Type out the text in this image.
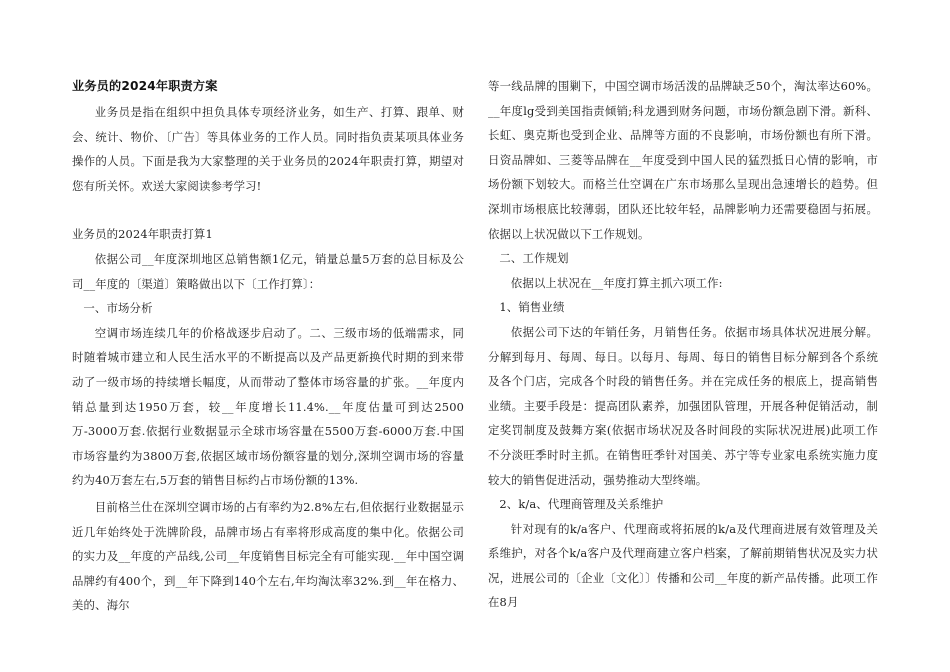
业务员的2024年职责方案

业务员是指在组织中担负具体专项经济业务，如生产、打算、跟单、财会、统计、物价、〔广告〕等具体业务的工作人员。同时指负责某项具体业务操作的人员。下面是我为大家整理的关于业务员的2024年职责打算，期望对您有所关怀。欢送大家阅读参考学习!

业务员的2024年职责打算1

依据公司__年度深圳地区总销售额1亿元，销量总量5万套的总目标及公司__年度的〔渠道〕策略做出以下〔工作打算〕：

一、市场分析

空调市场连续几年的价格战逐步启动了。二、三级市场的低端需求，同时随着城市建立和人民生活水平的不断提高以及产品更新换代时期的到来带动了一级市场的持续增长幅度，从而带动了整体市场容量的扩张。__年度内销总量到达1950万套，较__年度增长11.4%.__年度估量可到达2500万-3000万套.依据行业数据显示全球市场容量在5500万套-6000万套.中国市场容量约为3800万套,依据区域市场份额容量的划分,深圳空调市场的容量约为40万套左右,5万套的销售目标约占市场份额的13%.

目前格兰仕在深圳空调市场的占有率约为2.8%左右,但依据行业数据显示近几年始终处于洗牌阶段，品牌市场占有率将形成高度的集中化。依据公司的实力及__年度的产品线,公司__年度销售目标完全有可能实现.__年中国空调品牌约有400个，到__年下降到140个左右,年均淘汰率32%.到__年在格力、美的、海尔

等一线品牌的围剿下，中国空调市场活泼的品牌缺乏50个，淘汰率达60%。__年度lg受到美国指责倾销;科龙遇到财务问题，市场份额急剧下滑。新科、长虹、奥克斯也受到企业、品牌等方面的不良影响，市场份额也有所下滑。日资品牌如、三菱等品牌在__年度受到中国人民的猛烈抵日心情的影响，市场份额下划较大。而格兰仕空调在广东市场那么呈现出急速增长的趋势。但深圳市场根底比较薄弱，团队还比较年轻，品牌影响力还需要稳固与拓展。依据以上状况做以下工作规划。

二、工作规划

依据以上状况在__年度打算主抓六项工作:

1、销售业绩

依据公司下达的年销任务，月销售任务。依据市场具体状况进展分解。分解到每月、每周、每日。以每月、每周、每日的销售目标分解到各个系统及各个门店，完成各个时段的销售任务。并在完成任务的根底上，提高销售业绩。主要手段是：提高团队素养，加强团队管理，开展各种促销活动，制定奖罚制度及鼓舞方案(依据市场状况及各时间段的实际状况进展)此项工作不分淡旺季时时主抓。在销售旺季针对国美、苏宁等专业家电系统实施力度较大的销售促进活动，强势推动大型终端。

2、k/a、代理商管理及关系维护

针对现有的k/a客户、代理商或将拓展的k/a及代理商进展有效管理及关系维护，对各个k/a客户及代理商建立客户档案，了解前期销售状况及实力状况，进展公司的〔企业〔文化〕〕传播和公司__年度的新产品传播。此项工作在8月
